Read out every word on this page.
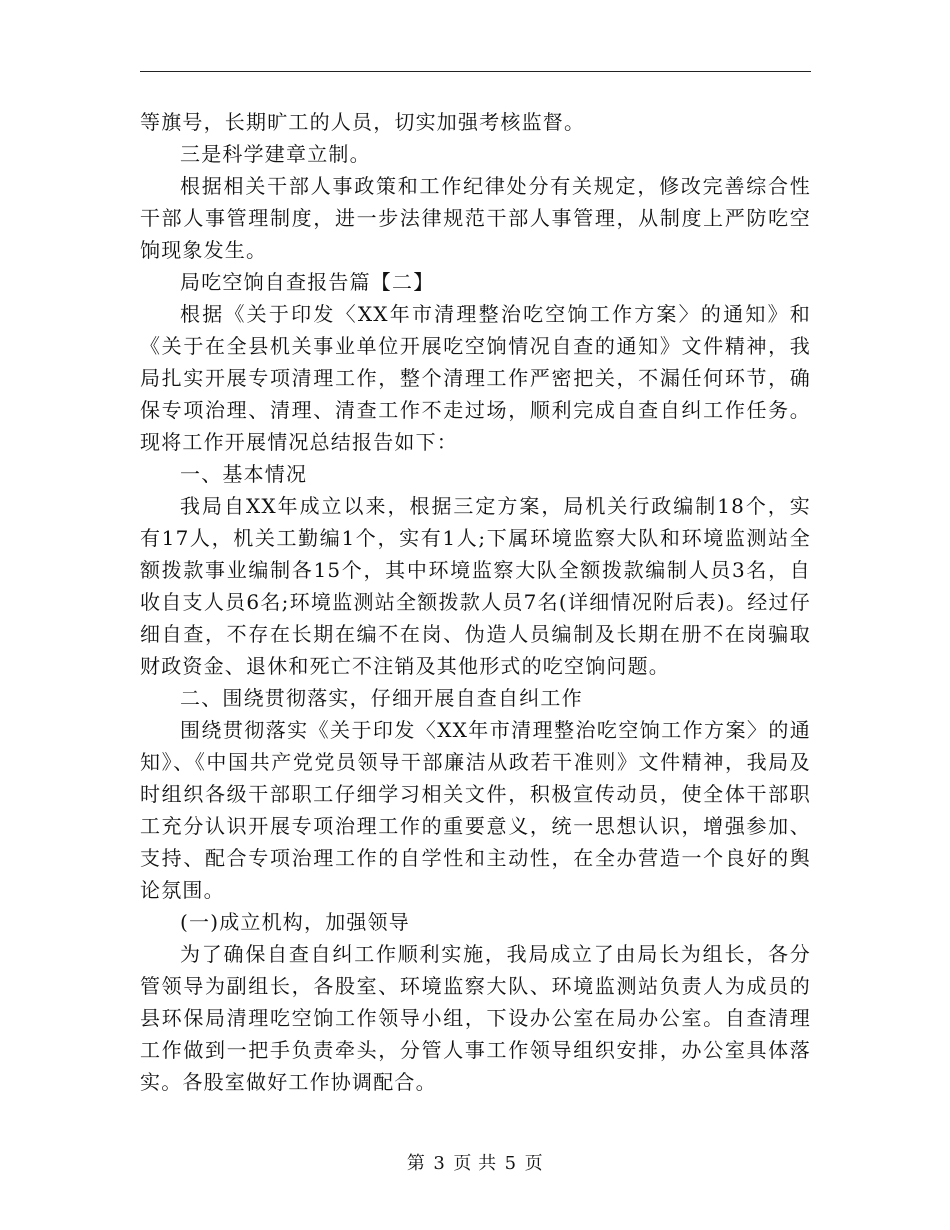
等旗号，长期旷工的人员，切实加强考核监督。

三是科学建章立制。

根据相关干部人事政策和工作纪律处分有关规定，修改完善综合性干部人事管理制度，进一步法律规范干部人事管理，从制度上严防吃空饷现象发生。

局吃空饷自查报告篇【二】

根据《关于印发〈XX年市清理整治吃空饷工作方案〉的通知》和《关于在全县机关事业单位开展吃空饷情况自查的通知》文件精神，我局扎实开展专项清理工作，整个清理工作严密把关，不漏任何环节，确保专项治理、清理、清查工作不走过场，顺利完成自查自纠工作任务。现将工作开展情况总结报告如下：

一、基本情况

我局自XX年成立以来，根据三定方案，局机关行政编制18个，实有17人，机关工勤编1个，实有1人;下属环境监察大队和环境监测站全额拨款事业编制各15个，其中环境监察大队全额拨款编制人员3名，自收自支人员6名;环境监测站全额拨款人员7名(详细情况附后表)。经过仔细自查，不存在长期在编不在岗、伪造人员编制及长期在册不在岗骗取财政资金、退休和死亡不注销及其他形式的吃空饷问题。

二、围绕贯彻落实，仔细开展自查自纠工作

围绕贯彻落实《关于印发〈XX年市清理整治吃空饷工作方案〉的通知》、《中国共产党党员领导干部廉洁从政若干准则》文件精神，我局及时组织各级干部职工仔细学习相关文件，积极宣传动员，使全体干部职工充分认识开展专项治理工作的重要意义，统一思想认识，增强参加、支持、配合专项治理工作的自学性和主动性，在全办营造一个良好的舆论氛围。

(一)成立机构，加强领导

为了确保自查自纠工作顺利实施，我局成立了由局长为组长，各分管领导为副组长，各股室、环境监察大队、环境监测站负责人为成员的县环保局清理吃空饷工作领导小组，下设办公室在局办公室。自查清理工作做到一把手负责牵头，分管人事工作领导组织安排，办公室具体落实。各股室做好工作协调配合。

第 3 页 共 5 页
